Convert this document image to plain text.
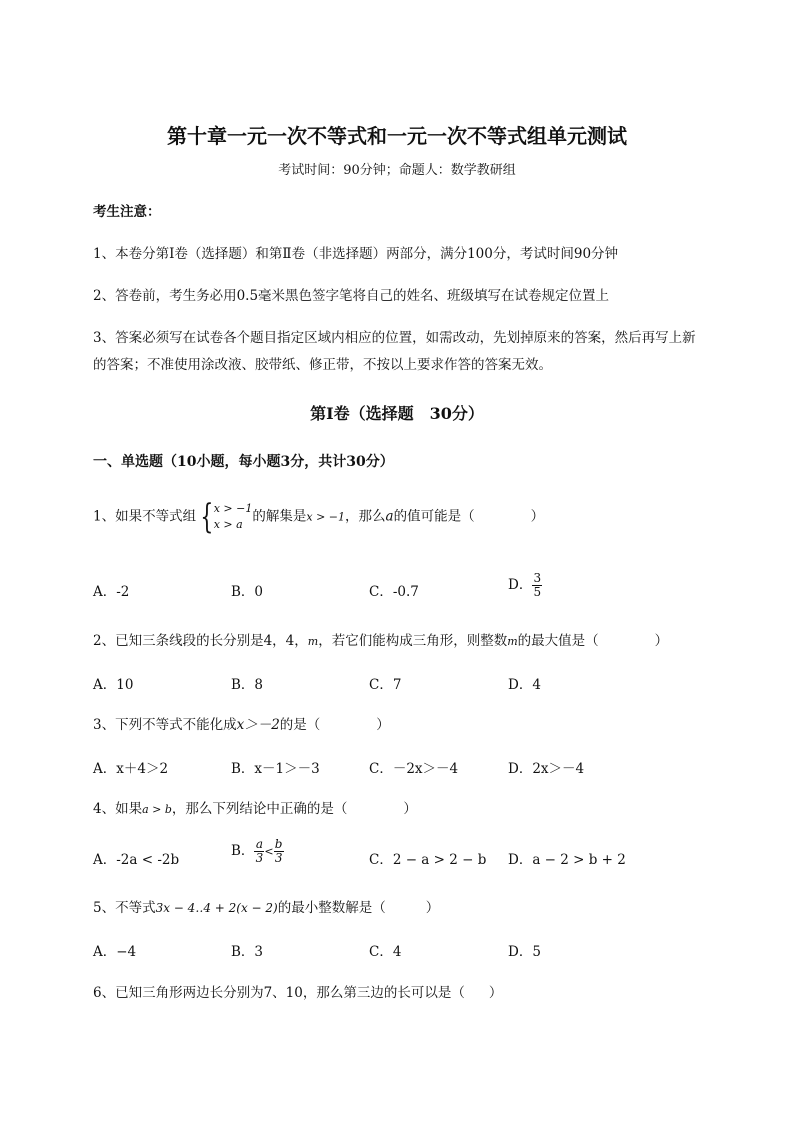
第十章一元一次不等式和一元一次不等式组单元测试
考试时间：90分钟；命题人：数学教研组
考生注意：
1、本卷分第Ⅰ卷（选择题）和第Ⅱ卷（非选择题）两部分，满分100分，考试时间90分钟
2、答卷前，考生务必用0.5毫米黑色签字笔将自己的姓名、班级填写在试卷规定位置上
3、答案必须写在试卷各个题目指定区域内相应的位置，如需改动，先划掉原来的答案，然后再写上新
的答案；不准使用涂改液、胶带纸、修正带，不按以上要求作答的答案无效。
第Ⅰ卷（选择题　30分）
一、单选题（10小题，每小题3分，共计30分）
1、如果不等式组 { x > −1
x > a 的解集是x > −1，那么a的值可能是（	）
A．-2	B．0	C．-0.7	D． $\frac{3}{5}$
2、已知三条线段的长分别是4，4，m，若它们能构成三角形，则整数m的最大值是（	）
A．10	B．8	C．7	D．4
3、下列不等式不能化成x＞－2的是（	）
A．x＋4＞2	B．x－1＞－3	C．－2x＞－4	D．2x＞－4
4、如果a > b，那么下列结论中正确的是（	）
A．-2a < -2b
B． $\frac{a}{3} < \frac{b}{3}$	C．2 − a > 2 − b D．a − 2 > b + 2
5、不等式3x − 4‥4 + 2(x − 2)的最小整数解是（	）
A．−4	B．3	C．4	D．5
6、已知三角形两边长分别为7、10，那么第三边的长可以是（ ）
